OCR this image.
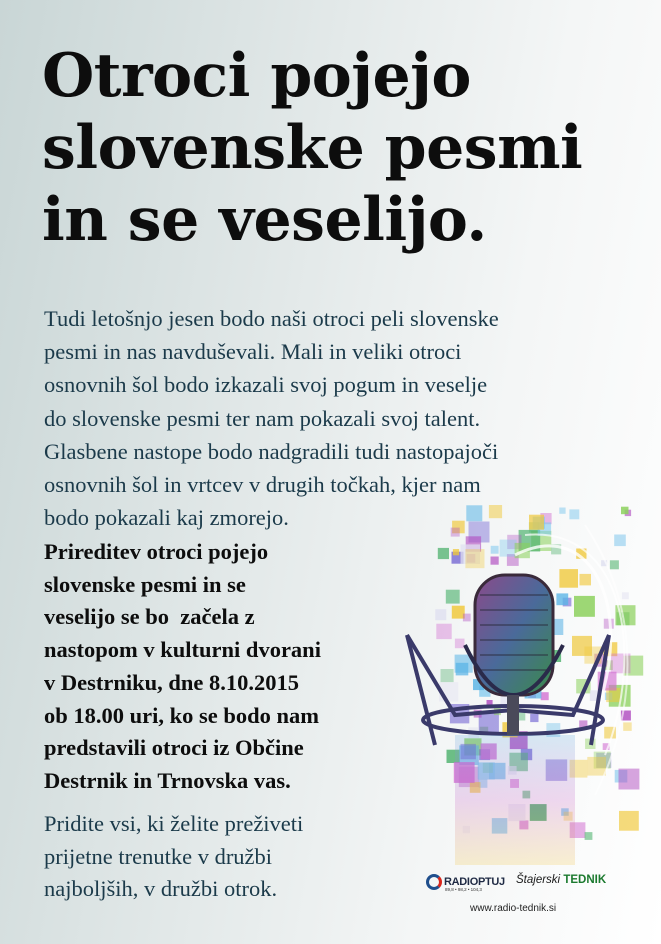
Otroci pojejo
slovenske pesmi
in se veselijo.

Tudi letošnjo jesen bodo naši otroci peli slovenske
pesmi in nas navduševali. Mali in veliki otroci
osnovnih šol bodo izkazali svoj pogum in veselje
do slovenske pesmi ter nam pokazali svoj talent.
Glasbene nastope bodo nadgradili tudi nastopajoči
osnovnih šol in vrtcev v drugih točkah, kjer nam
bodo pokazali kaj zmorejo.

Prireditev otroci pojejo
slovenske pesmi in se
veselijo se bo  začela z
nastopom v kulturni dvorani
v Destrniku, dne 8.10.2015
ob 18.00 uri, ko se bodo nam
predstavili otroci iz Občine
Destrnik in Trnovska vas.

Pridite vsi, ki želite preživeti
prijetne trenutke v družbi
najboljših, v družbi otrok.	RADIOPTUJ
89,8 • 98,2 • 104,3
Štajerski TEDNIK
www.radio-tednik.si
